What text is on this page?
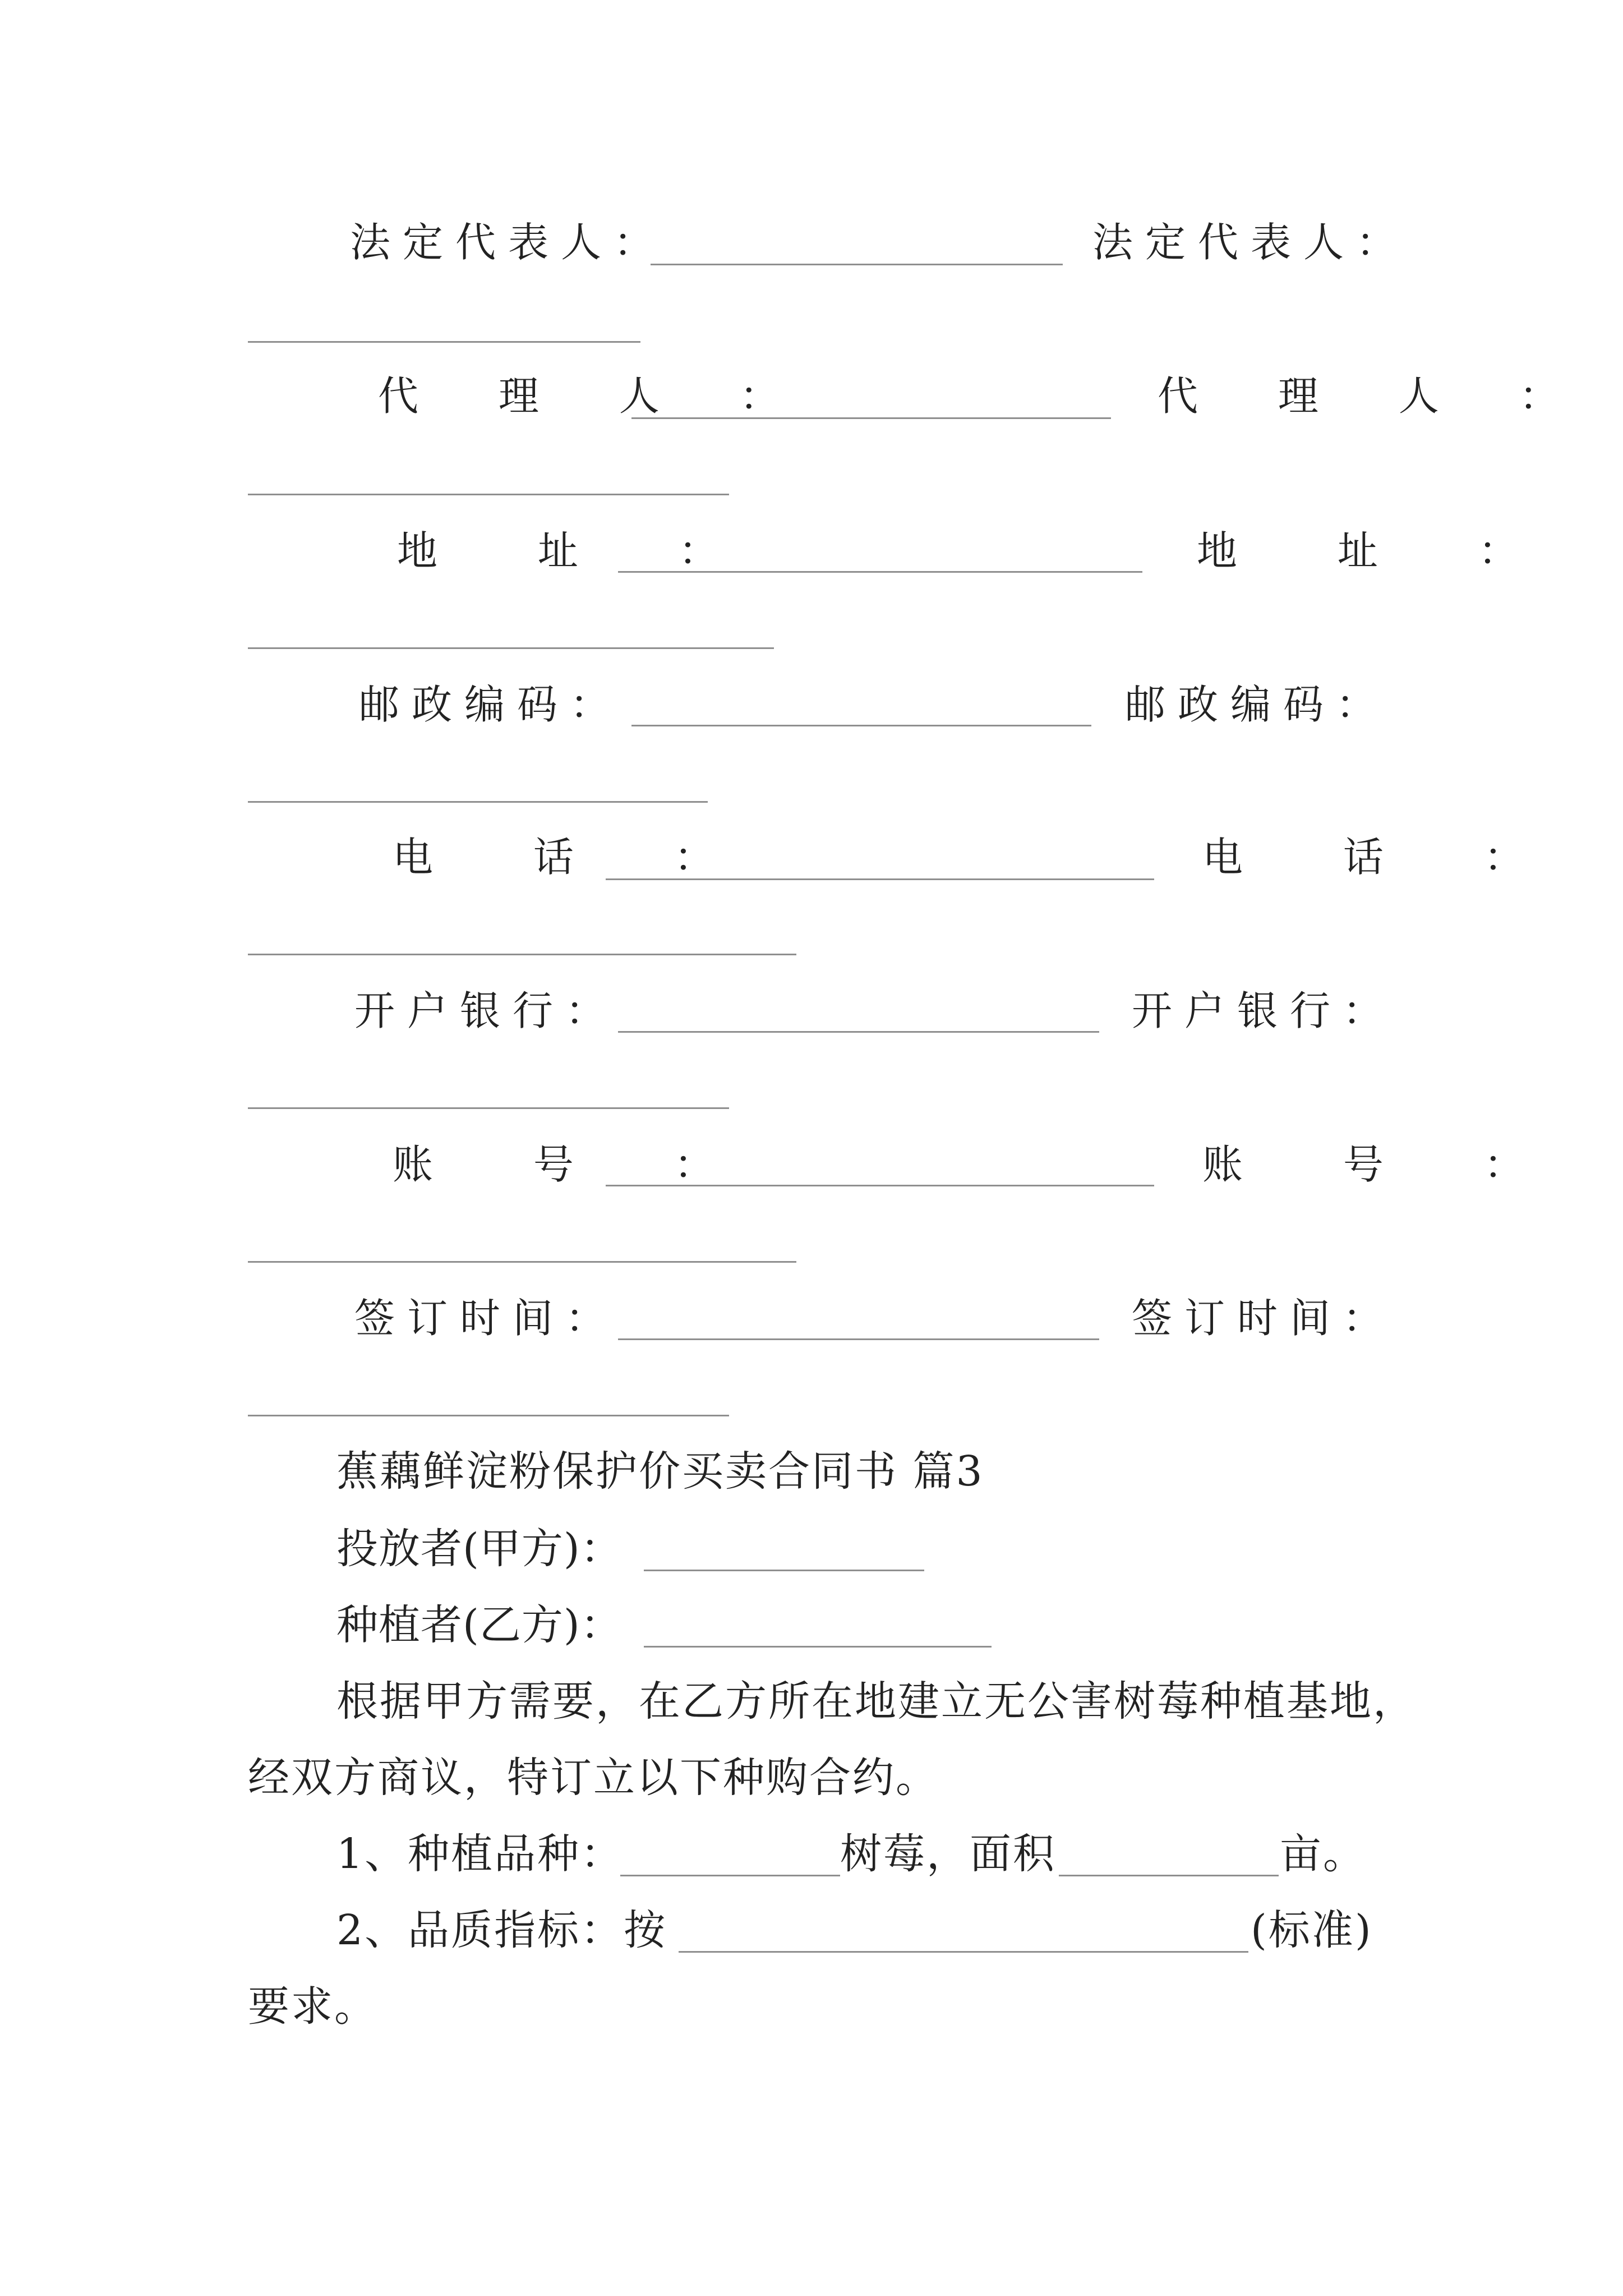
法定代表人：	法定代表人：
代 理 人 ：	代 理 人 ：
地 址 ：	地 址 ：
邮政编码：	邮政编码：
电 话 ：	电 话 ：
开户银行：	开户银行：
账 号 ：	账 号 ：
签订时间：	签订时间：
蕉藕鲜淀粉保护价买卖合同书 篇3
投放者(甲方)：
种植者(乙方)：
根据甲方需要，在乙方所在地建立无公害树莓种植基地，
经双方商议，特订立以下种购合约。
1、种植品种：	树莓，面积	亩。
2、品质指标：按	(标准)
要求。
